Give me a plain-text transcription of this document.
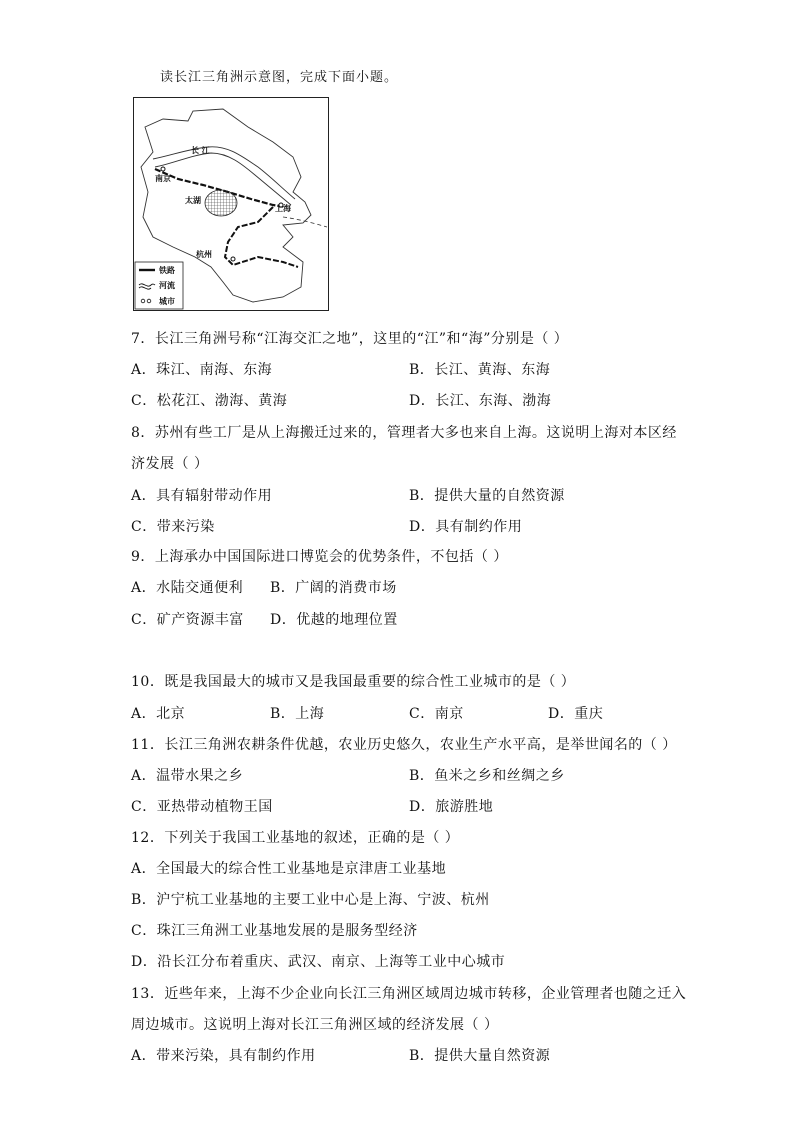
读长江三角洲示意图，完成下面小题。
长 江
南京
太湖
上海
杭州
铁路
河流
城市
7．长江三角洲号称“江海交汇之地”，这里的“江”和“海”分别是（ ）
A．珠江、南海、东海	B．长江、黄海、东海
C．松花江、渤海、黄海	D．长江、东海、渤海
8．苏州有些工厂是从上海搬迁过来的，管理者大多也来自上海。这说明上海对本区经
济发展（ ）
A．具有辐射带动作用	B．提供大量的自然资源
C．带来污染	D．具有制约作用
9．上海承办中国国际进口博览会的优势条件，不包括（ ）
A．水陆交通便利 B．广阔的消费市场
C．矿产资源丰富 D．优越的地理位置
10．既是我国最大的城市又是我国最重要的综合性工业城市的是（ ）
A．北京	B．上海	C．南京	D．重庆
11．长江三角洲农耕条件优越，农业历史悠久，农业生产水平高，是举世闻名的（ ）
A．温带水果之乡	B．鱼米之乡和丝绸之乡
C．亚热带动植物王国	D．旅游胜地
12．下列关于我国工业基地的叙述，正确的是（ ）
A．全国最大的综合性工业基地是京津唐工业基地
B．沪宁杭工业基地的主要工业中心是上海、宁波、杭州
C．珠江三角洲工业基地发展的是服务型经济
D．沿长江分布着重庆、武汉、南京、上海等工业中心城市
13．近些年来，上海不少企业向长江三角洲区域周边城市转移，企业管理者也随之迁入
周边城市。这说明上海对长江三角洲区域的经济发展（ ）
A．带来污染，具有制约作用	B．提供大量自然资源
